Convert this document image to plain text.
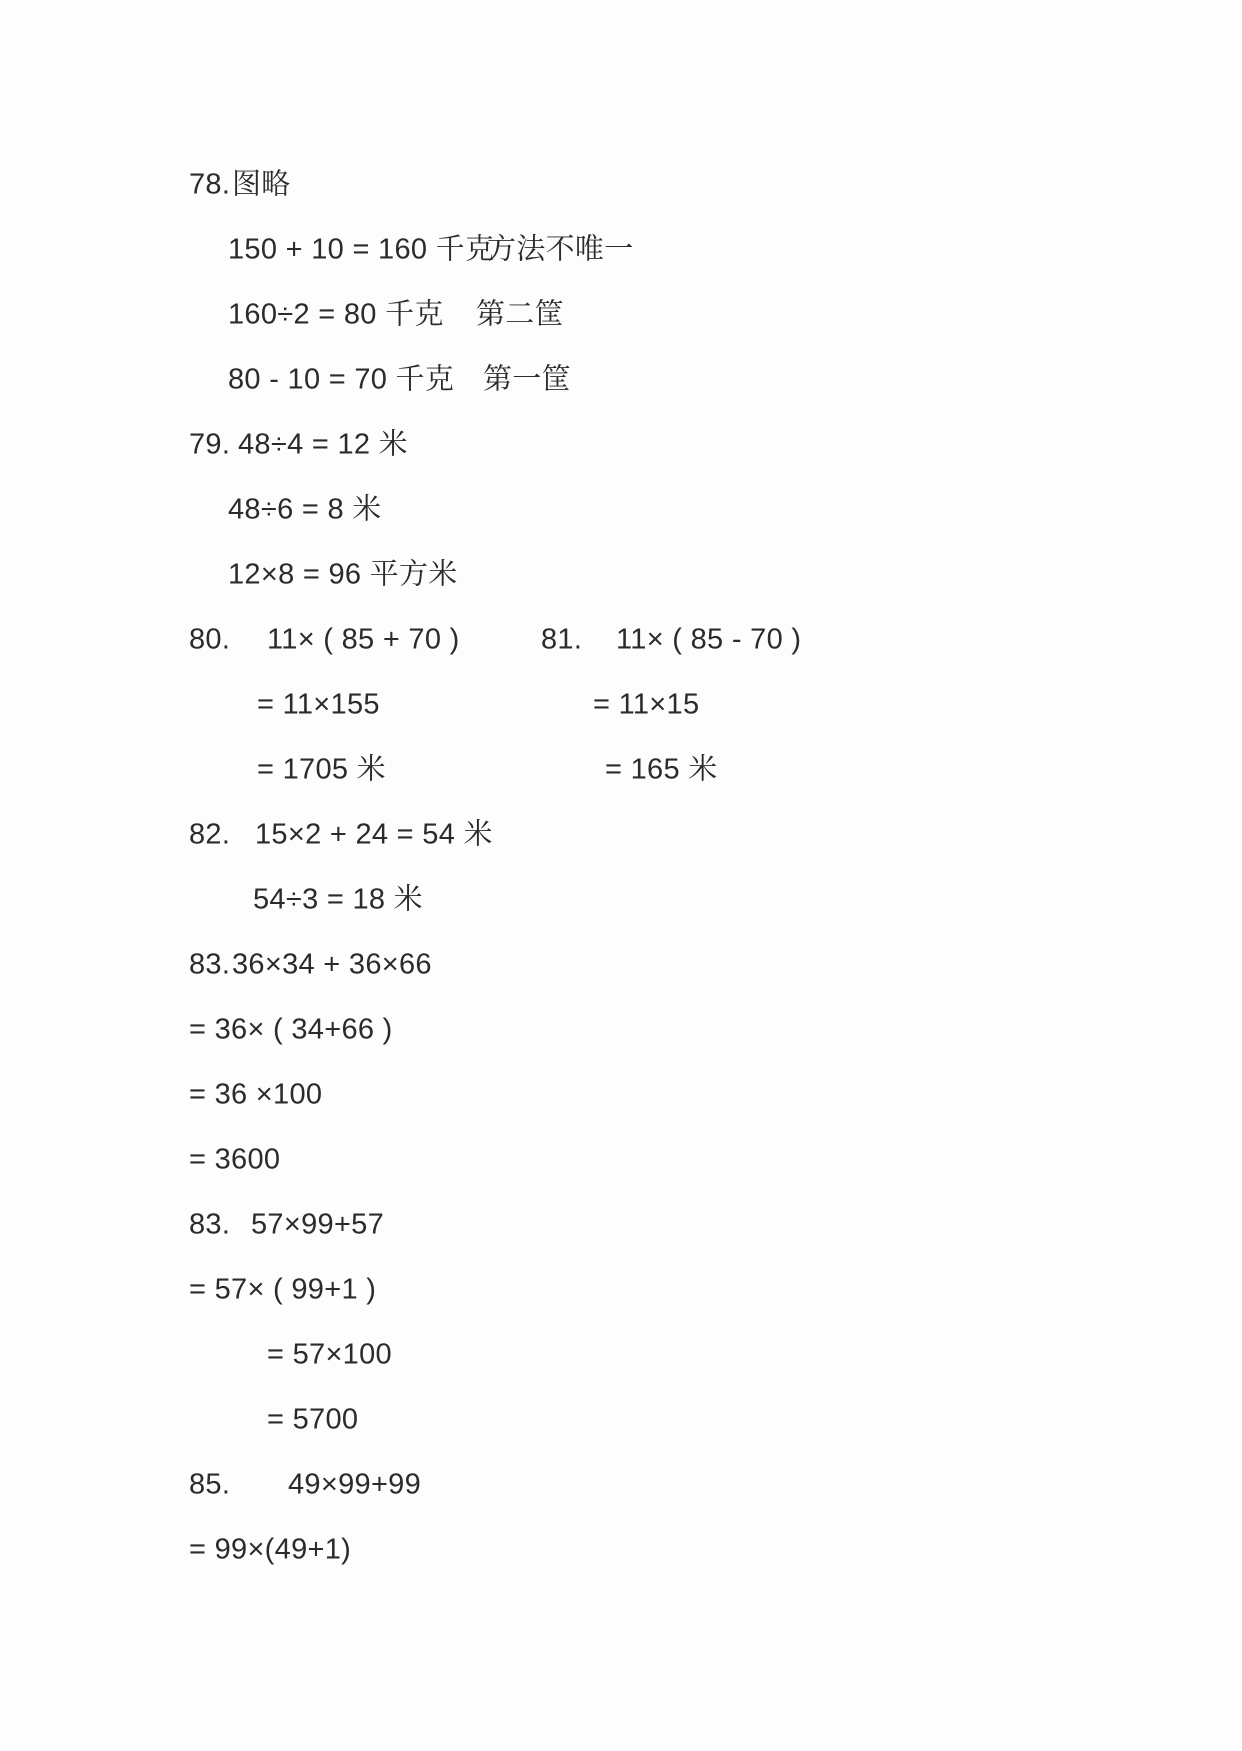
78. 图略
150 + 10 = 160 千克
方法不唯一
160÷2 = 80 千克 第二筐
80 - 10 = 70 千克 第一筐
79. 48÷4 = 12 米
48÷6 = 8 米
12×8 = 96 平方米
80. 11× ( 85 + 70 )	81. 11× ( 85 - 70 )
= 11×155	= 11×15
= 1705 米	= 165 米
82. 15×2 + 24 = 54 米
54÷3 = 18 米
83. 36×34 + 36×66
= 36× ( 34+66 )
= 36 ×100
= 3600
83. 57×99+57
= 57× ( 99+1 )
= 57×100
= 5700
85. 49×99+99
= 99×(49+1)
